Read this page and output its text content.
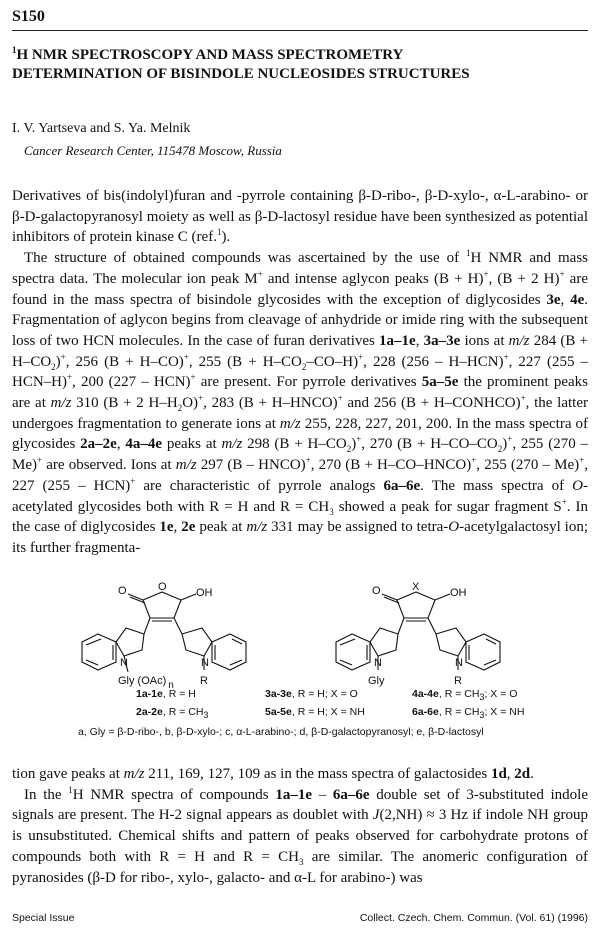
S150
$^1$H NMR SPECTROSCOPY AND MASS SPECTROMETRY
DETERMINATION OF BISINDOLE NUCLEOSIDES STRUCTURES
I. V. Yartseva and S. Ya. Melnik
Cancer Research Center, 115478 Moscow, Russia

Derivatives of bis(indolyl)furan and -pyrrole containing β-D-ribo-, β-D-xylo-, α-L-arabino- or β-D-galactopyranosyl moiety as well as β-D-lactosyl residue have been synthesized as potential inhibitors of protein kinase C (ref.$^1$).

The structure of obtained compounds was ascertained by the use of $^1$H NMR and mass spectra data. The molecular ion peak M+ and intense aglycon peaks (B + H)+, (B + 2 H)+ are found in the mass spectra of bisindole glycosides with the exception of diglycosides 3e, 4e. Fragmentation of aglycon begins from cleavage of anhydride or imide ring with the subsequent loss of two HCN molecules. In the case of furan derivatives 1a–1e, 3a–3e ions at m/z 284 $(B + H-CO_2)^+$, 256 (B + H–CO)+, 255 $(B + H-CO_2-CO-H)^+$, 228 (256 – H–HCN)+, 227 (255 – HCN–H)+, 200 (227 – HCN)+ are present. For pyrrole derivatives 5a–5e the prominent peaks are at m/z 310 (B + 2 $H-H_2O)^+$, 283 (B + H–HNCO)+ and 256 (B + H–CONHCO)+, the latter undergoes fragmentation to generate ions at m/z 255, 228, 227, 201, 200. In the mass spectra of glycosides 2a–2e, 4a–4e peaks at m/z 298 $(B + H-CO_2)^+$, 270 $(B + H-CO-CO_2)^+$, 255 (270 – Me)+ are observed. Ions at m/z 297 (B – HNCO)+, 270 (B + H–CO–HNCO)+, 255 (270 – Me)+, 227 (255 – HCN)+ are characteristic of pyrrole analogs 6a–6e. The mass spectra of O-acetylated glycosides both with R = H and $R = CH_3$ showed a peak for sugar fragment S+. In the case of diglycosides 1e, 2e peak at m/z 331 may be assigned to tetra-O-acetylgalactosyl ion; its further fragmenta-

O	O	OH
N	N
Gly (OAc) n R
O	X	OH
N	N
Gly	R
1a-1e, R = H	3a-3e, R = H; X = O	4a-4e, $R = CH_3$; X = O
2a-2e, $R = CH_3$	5a-5e, R = H; X = NH	6a-6e, $R = CH_3$; X = NH
a, Gly = β-D-ribo-, b, β-D-xylo-; c, α-L-arabino-; d, β-D-galactopyranosyl; e, β-D-lactosyl

tion gave peaks at m/z 211, 169, 127, 109 as in the mass spectra of galactosides 1d, 2d.

In the $^1$H NMR spectra of compounds 1a–1e – 6a–6e double set of 3-substituted indole signals are present. The H-2 signal appears as doublet with J(2,NH) ≈ 3 Hz if indole NH group is unsubstituted. Chemical shifts and pattern of peaks observed for carbohydrate protons of compounds both with R = H and $R = CH_3$ are similar. The anomeric configuration of pyranosides (β-D for ribo-, xylo-, galacto- and α-L for arabino-) was

Special Issue	Collect. Czech. Chem. Commun. (Vol. 61) (1996)
